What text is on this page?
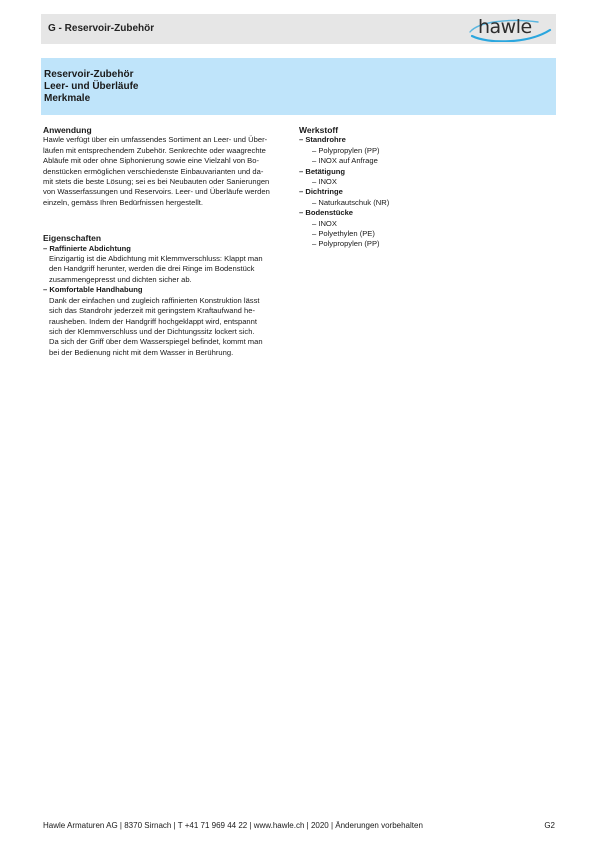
G - Reservoir-Zubehör	hawle
Reservoir-Zubehör
Leer- und Überläufe
Merkmale
Anwendung
Hawle verfügt über ein umfassendes Sortiment an Leer- und Über-
läufen mit entsprechendem Zubehör. Senkrechte oder waagrechte
Abläufe mit oder ohne Siphonierung sowie eine Vielzahl von Bo-
denstücken ermöglichen verschiedenste Einbauvarianten und da-
mit stets die beste Lösung; sei es bei Neubauten oder Sanierungen
von Wasserfassungen und Reservoirs. Leer- und Überläufe werden
einzeln, gemäss Ihren Bedürfnissen hergestellt.
Eigenschaften
– Raffinierte Abdichtung
Einzigartig ist die Abdichtung mit Klemmverschluss: Klappt man
den Handgriff herunter, werden die drei Ringe im Bodenstück
zusammengepresst und dichten sicher ab.
– Komfortable Handhabung
Dank der einfachen und zugleich raffinierten Konstruktion lässt
sich das Standrohr jederzeit mit geringstem Kraftaufwand he-
rausheben. Indem der Handgriff hochgeklappt wird, entspannt
sich der Klemmverschluss und der Dichtungssitz lockert sich.
Da sich der Griff über dem Wasserspiegel befindet, kommt man
bei der Bedienung nicht mit dem Wasser in Berührung.
Werkstoff
– Standrohre
– Polypropylen (PP)
– INOX auf Anfrage
– Betätigung
– INOX
– Dichtringe
– Naturkautschuk (NR)
– Bodenstücke
– INOX
– Polyethylen (PE)
– Polypropylen (PP)
Hawle Armaturen AG | 8370 Sirnach | T +41 71 969 44 22 | www.hawle.ch | 2020 | Änderungen vorbehalten	G2
